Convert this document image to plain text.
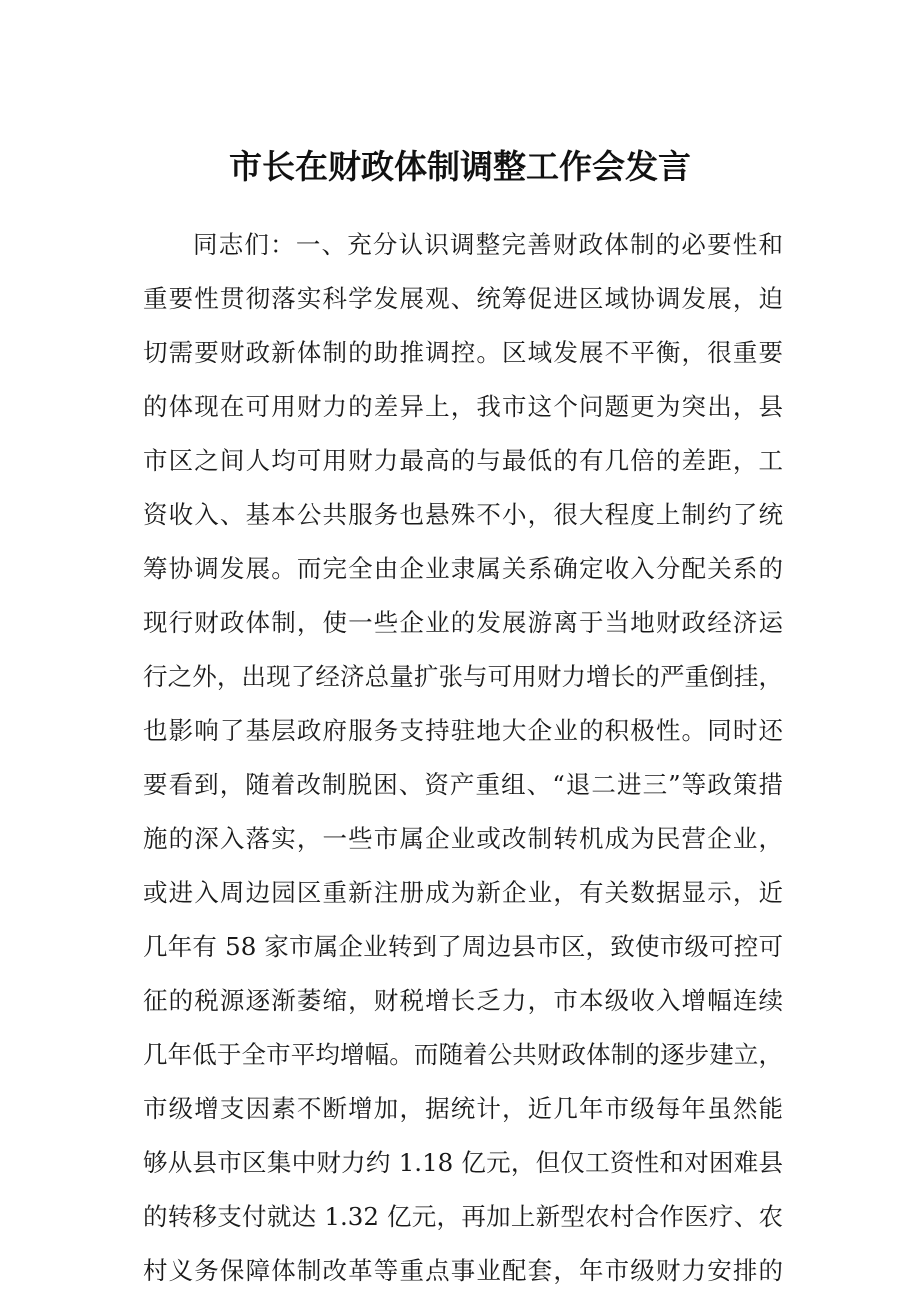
市长在财政体制调整工作会发言
同志们：一、充分认识调整完善财政体制的必要性和
重要性贯彻落实科学发展观、统筹促进区域协调发展，迫
切需要财政新体制的助推调控。区域发展不平衡，很重要
的体现在可用财力的差异上，我市这个问题更为突出，县
市区之间人均可用财力最高的与最低的有几倍的差距，工
资收入、基本公共服务也悬殊不小，很大程度上制约了统
筹协调发展。而完全由企业隶属关系确定收入分配关系的
现行财政体制，使一些企业的发展游离于当地财政经济运
行之外，出现了经济总量扩张与可用财力增长的严重倒挂，
也影响了基层政府服务支持驻地大企业的积极性。同时还
要看到，随着改制脱困、资产重组、“退二进三”等政策措
施的深入落实，一些市属企业或改制转机成为民营企业，
或进入周边园区重新注册成为新企业，有关数据显示，近
几年有 58 家市属企业转到了周边县市区，致使市级可控可
征的税源逐渐萎缩，财税增长乏力，市本级收入增幅连续
几年低于全市平均增幅。而随着公共财政体制的逐步建立，
市级增支因素不断增加，据统计，近几年市级每年虽然能
够从县市区集中财力约 1.18 亿元，但仅工资性和对困难县
的转移支付就达 1.32 亿元，再加上新型农村合作医疗、农
村义务保障体制改革等重点事业配套，年市级财力安排的
